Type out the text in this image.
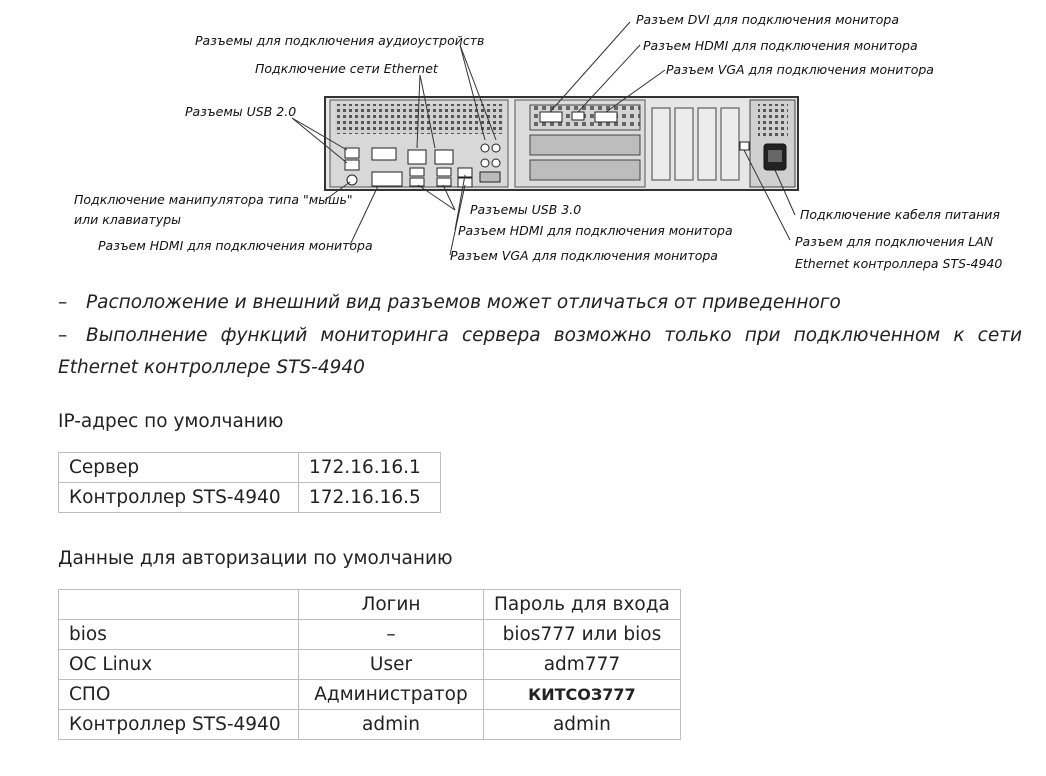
Разъемы для подключения аудиоустройств
Подключение сети Ethernet
Разъемы USB 2.0
Подключение манипулятора типа "мышь"
или клавиатуры
Разъем HDMI для подключения монитора
Разъем DVI для подключения монитора
Разъем HDMI для подключения монитора
Разъем VGA для подключения монитора
Разъемы USB 3.0
Разъем HDMI для подключения монитора
Разъем VGA для подключения монитора
Подключение кабеля питания
Разъем для подключения LAN
Ethernet контроллера STS-4940
– Расположение и внешний вид разъемов может отличаться от приведенного
– Выполнение функций мониторинга сервера возможно только при подключенном к сети Ethernet контроллере STS-4940
IP-адрес по умолчанию
Сервер	172.16.16.1
Контроллер STS-4940	172.16.16.5
Данные для авторизации по умолчанию
	Логин	Пароль для входа
bios	–	bios777 или bios
ОС Linux	User	adm777
СПО	Администратор	КИТСОЗ777
Контроллер STS-4940	admin	admin
